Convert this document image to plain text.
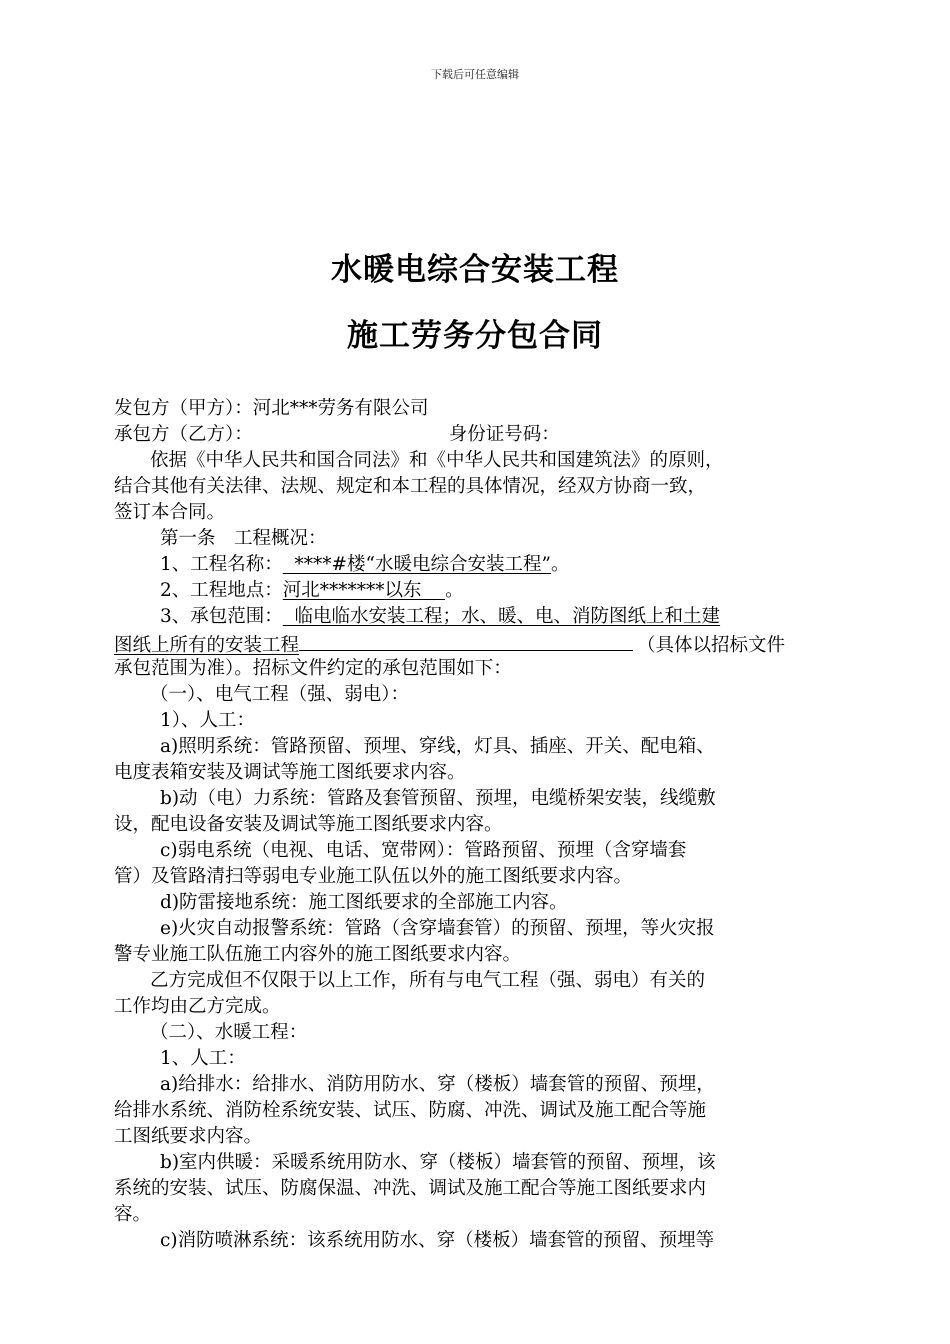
下载后可任意编辑
水暖电综合安装工程
施工劳务分包合同
发包方（甲方）：河北***劳务有限公司
承包方（乙方）：	身份证号码：
依据《中华人民共和国合同法》和《中华人民共和国建筑法》的原则，
结合其他有关法律、法规、规定和本工程的具体情况，经双方协商一致，
签订本合同。
第一条　工程概况：
1、工程名称： ****#楼“水暖电综合安装工程”。
2、工程地点：河北*******以东 。
3、承包范围： 临电临水安装工程；水、暖、电、消防图纸上和土建
图纸上所有的安装工程	（具体以招标文件
承包范围为准）。招标文件约定的承包范围如下：
（一）、电气工程（强、弱电）：
1）、人工：
a)照明系统：管路预留、预埋、穿线，灯具、插座、开关、配电箱、
电度表箱安装及调试等施工图纸要求内容。
b)动（电）力系统：管路及套管预留、预埋，电缆桥架安装，线缆敷
设，配电设备安装及调试等施工图纸要求内容。
c)弱电系统（电视、电话、宽带网）：管路预留、预埋（含穿墙套
管）及管路清扫等弱电专业施工队伍以外的施工图纸要求内容。
d)防雷接地系统：施工图纸要求的全部施工内容。
e)火灾自动报警系统：管路（含穿墙套管）的预留、预埋，等火灾报
警专业施工队伍施工内容外的施工图纸要求内容。
乙方完成但不仅限于以上工作，所有与电气工程（强、弱电）有关的
工作均由乙方完成。
（二）、水暖工程：
1、人工：
a)给排水：给排水、消防用防水、穿（楼板）墙套管的预留、预埋，
给排水系统、消防栓系统安装、试压、防腐、冲洗、调试及施工配合等施
工图纸要求内容。
b)室内供暖：采暖系统用防水、穿（楼板）墙套管的预留、预埋，该
系统的安装、试压、防腐保温、冲洗、调试及施工配合等施工图纸要求内
容。
c)消防喷淋系统：该系统用防水、穿（楼板）墙套管的预留、预埋等
